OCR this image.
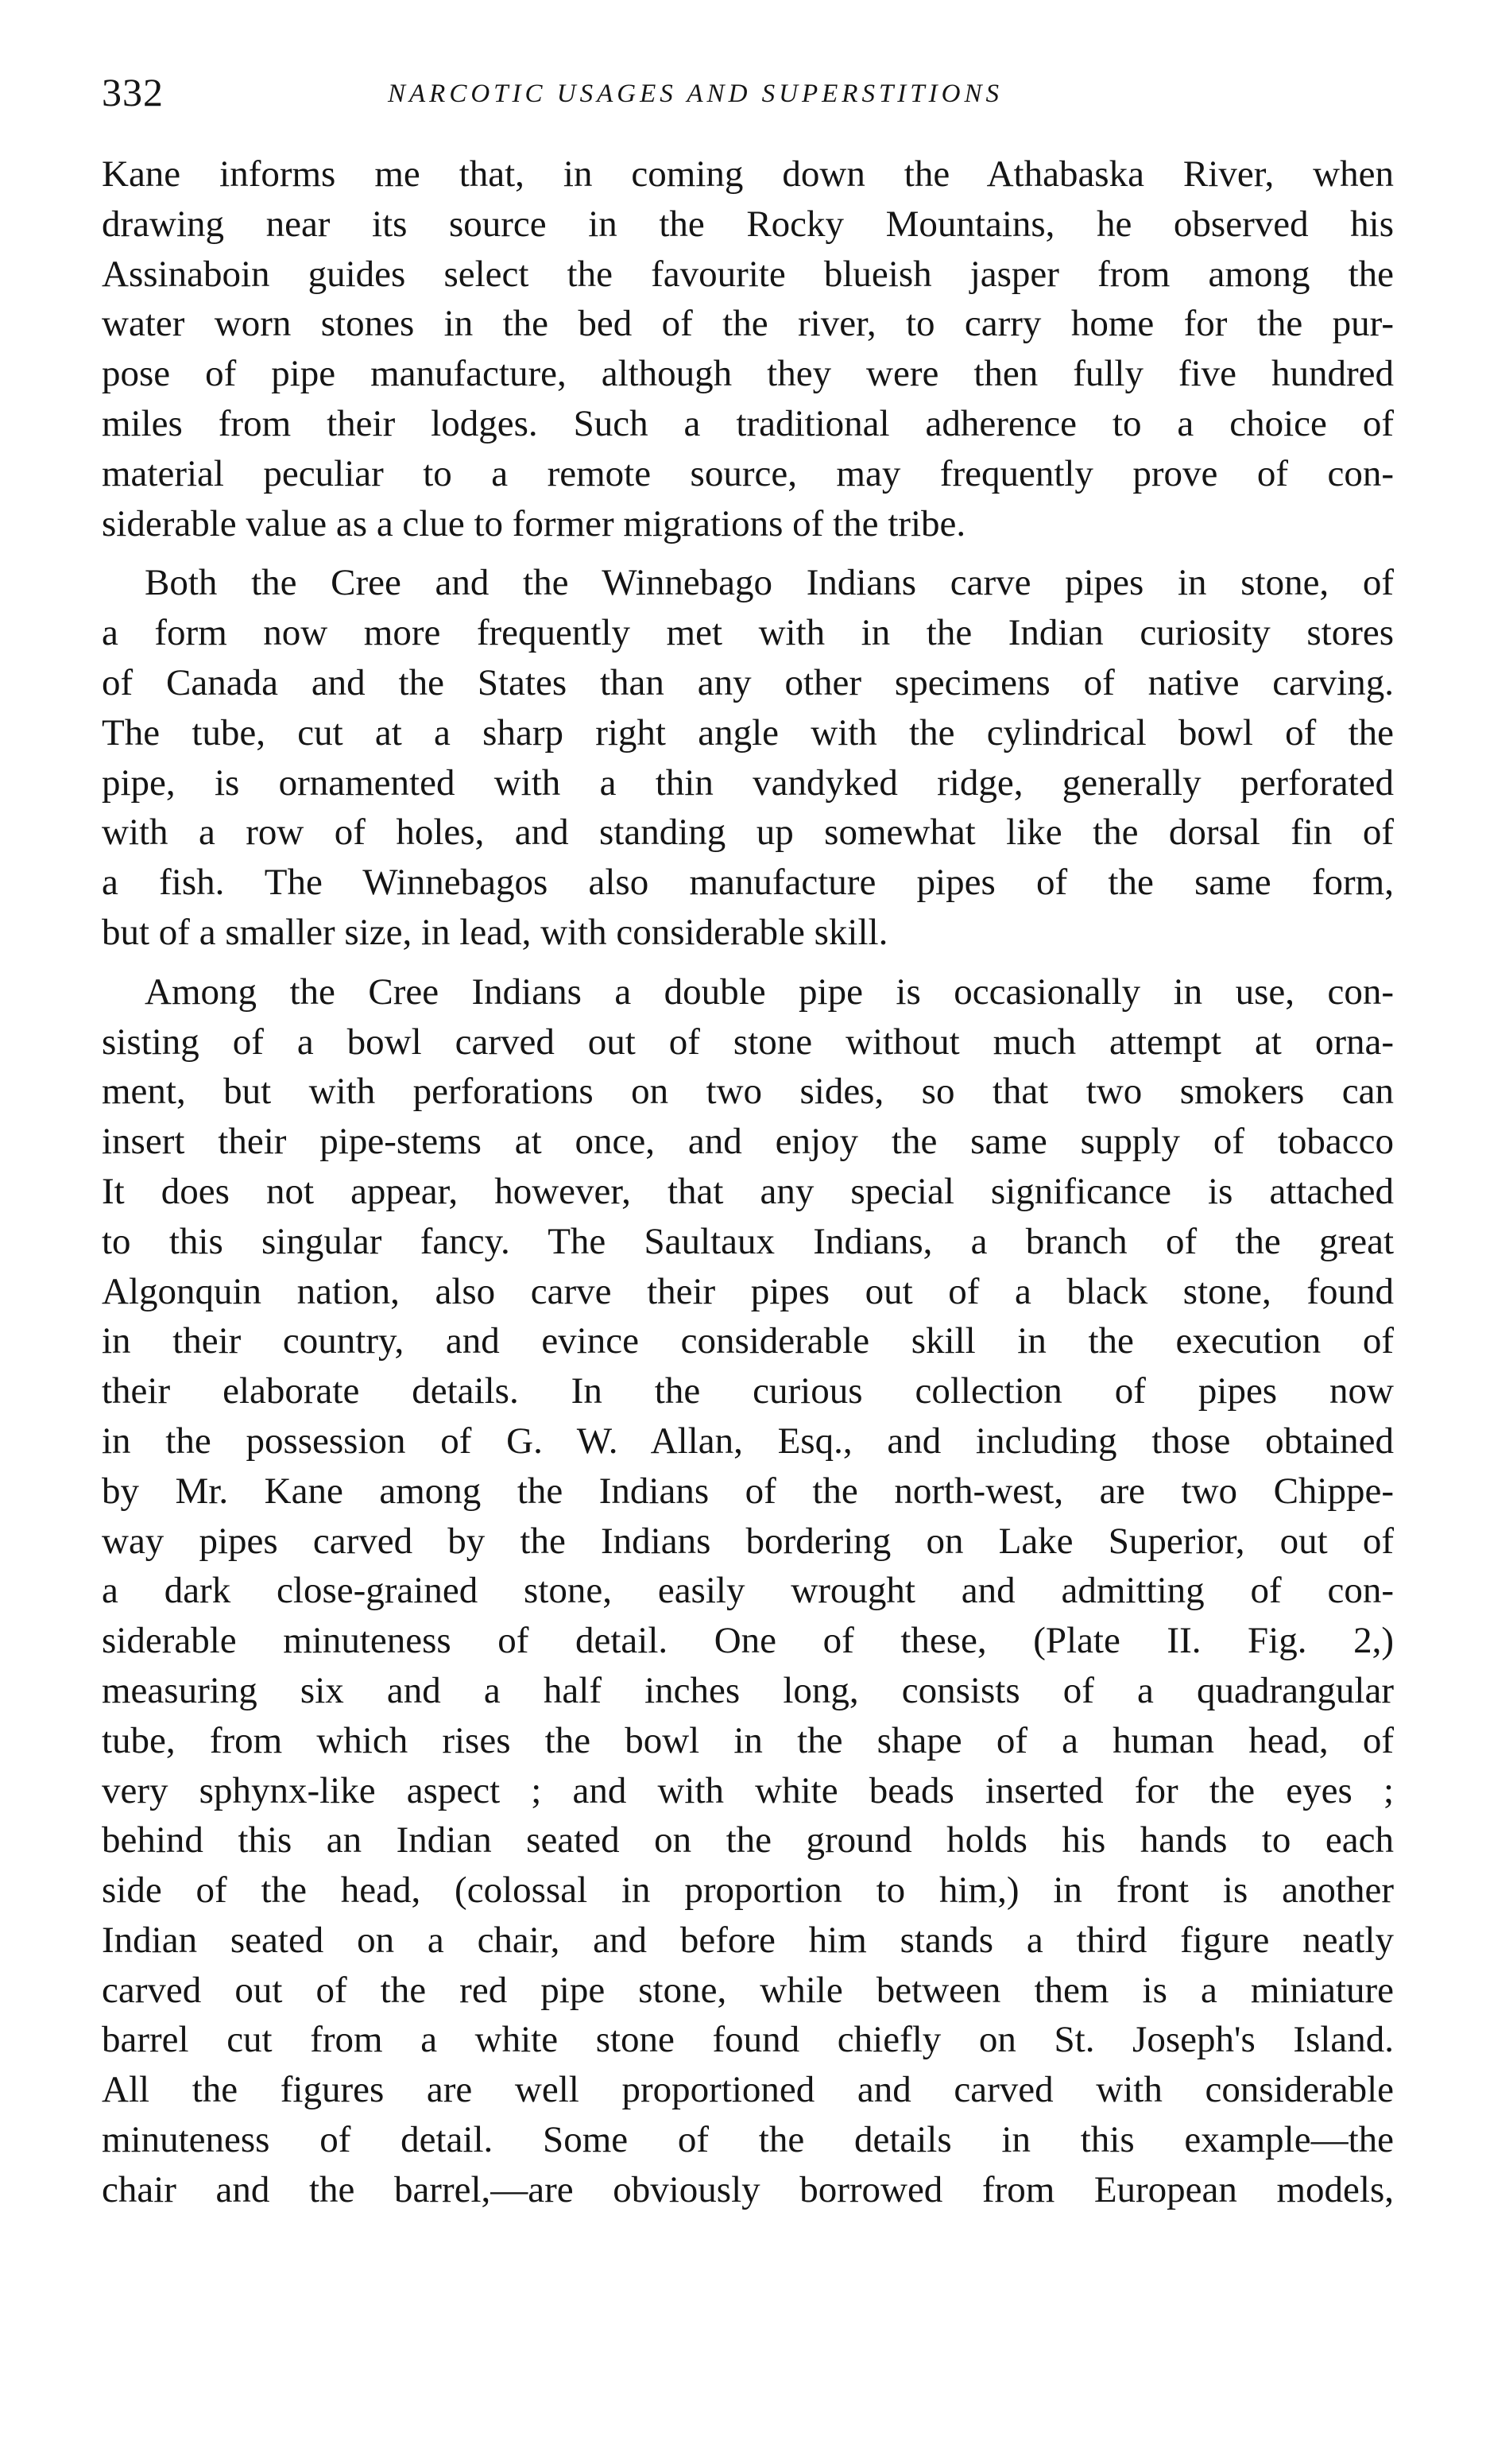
332	NARCOTIC USAGES AND SUPERSTITIONS
Kane informs me that, in coming down the Athabaska River, when
drawing near its source in the Rocky Mountains, he observed his
Assinaboin guides select the favourite blueish jasper from among the
water worn stones in the bed of the river, to carry home for the pur-
pose of pipe manufacture, although they were then fully five hundred
miles from their lodges. Such a traditional adherence to a choice of
material peculiar to a remote source, may frequently prove of con-
siderable value as a clue to former migrations of the tribe.
Both the Cree and the Winnebago Indians carve pipes in stone, of
a form now more frequently met with in the Indian curiosity stores
of Canada and the States than any other specimens of native carving.
The tube, cut at a sharp right angle with the cylindrical bowl of the
pipe, is ornamented with a thin vandyked ridge, generally perforated
with a row of holes, and standing up somewhat like the dorsal fin of
a fish. The Winnebagos also manufacture pipes of the same form,
but of a smaller size, in lead, with considerable skill.
Among the Cree Indians a double pipe is occasionally in use, con-
sisting of a bowl carved out of stone without much attempt at orna-
ment, but with perforations on two sides, so that two smokers can
insert their pipe-stems at once, and enjoy the same supply of tobacco
It does not appear, however, that any special significance is attached
to this singular fancy. The Saultaux Indians, a branch of the great
Algonquin nation, also carve their pipes out of a black stone, found
in their country, and evince considerable skill in the execution of
their elaborate details. In the curious collection of pipes now
in the possession of G. W. Allan, Esq., and including those obtained
by Mr. Kane among the Indians of the north-west, are two Chippe-
way pipes carved by the Indians bordering on Lake Superior, out of
a dark close-grained stone, easily wrought and admitting of con-
siderable minuteness of detail. One of these, (Plate II. Fig. 2,)
measuring six and a half inches long, consists of a quadrangular
tube, from which rises the bowl in the shape of a human head, of
very sphynx-like aspect ; and with white beads inserted for the eyes ;
behind this an Indian seated on the ground holds his hands to each
side of the head, (colossal in proportion to him,) in front is another
Indian seated on a chair, and before him stands a third figure neatly
carved out of the red pipe stone, while between them is a miniature
barrel cut from a white stone found chiefly on St. Joseph's Island.
All the figures are well proportioned and carved with considerable
minuteness of detail. Some of the details in this example—the
chair and the barrel,—are obviously borrowed from European models,
